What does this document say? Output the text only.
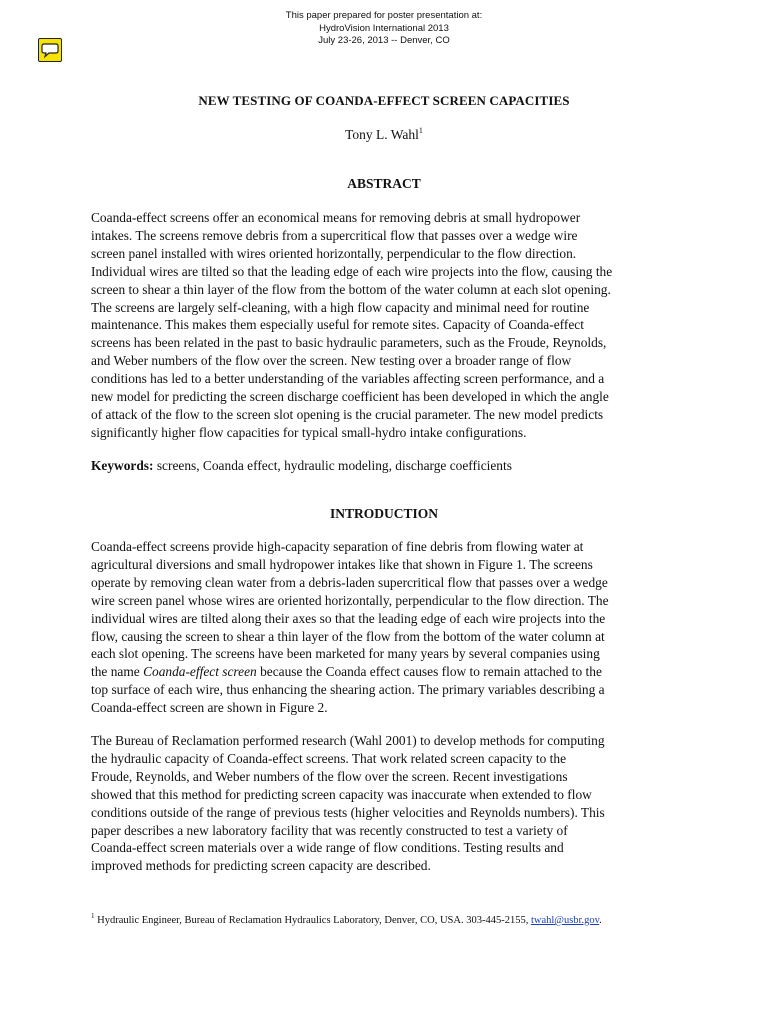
This paper prepared for poster presentation at:
HydroVision International 2013
July 23-26, 2013 -- Denver, CO
NEW TESTING OF COANDA-EFFECT SCREEN CAPACITIES

Tony L. Wahl$^1$

ABSTRACT
Coanda-effect screens offer an economical means for removing debris at small hydropower
intakes. The screens remove debris from a supercritical flow that passes over a wedge wire
screen panel installed with wires oriented horizontally, perpendicular to the flow direction.
Individual wires are tilted so that the leading edge of each wire projects into the flow, causing the
screen to shear a thin layer of the flow from the bottom of the water column at each slot opening.
The screens are largely self-cleaning, with a high flow capacity and minimal need for routine
maintenance. This makes them especially useful for remote sites. Capacity of Coanda-effect
screens has been related in the past to basic hydraulic parameters, such as the Froude, Reynolds,
and Weber numbers of the flow over the screen. New testing over a broader range of flow
conditions has led to a better understanding of the variables affecting screen performance, and a
new model for predicting the screen discharge coefficient has been developed in which the angle
of attack of the flow to the screen slot opening is the crucial parameter. The new model predicts
significantly higher flow capacities for typical small-hydro intake configurations.
Keywords: screens, Coanda effect, hydraulic modeling, discharge coefficients
INTRODUCTION
Coanda-effect screens provide high-capacity separation of fine debris from flowing water at
agricultural diversions and small hydropower intakes like that shown in Figure 1. The screens
operate by removing clean water from a debris-laden supercritical flow that passes over a wedge
wire screen panel whose wires are oriented horizontally, perpendicular to the flow direction. The
individual wires are tilted along their axes so that the leading edge of each wire projects into the
flow, causing the screen to shear a thin layer of the flow from the bottom of the water column at
each slot opening. The screens have been marketed for many years by several companies using
the name Coanda-effect screen because the Coanda effect causes flow to remain attached to the
top surface of each wire, thus enhancing the shearing action. The primary variables describing a
Coanda-effect screen are shown in Figure 2.
The Bureau of Reclamation performed research (Wahl 2001) to develop methods for computing
the hydraulic capacity of Coanda-effect screens. That work related screen capacity to the
Froude, Reynolds, and Weber numbers of the flow over the screen. Recent investigations
showed that this method for predicting screen capacity was inaccurate when extended to flow
conditions outside of the range of previous tests (higher velocities and Reynolds numbers). This
paper describes a new laboratory facility that was recently constructed to test a variety of
Coanda-effect screen materials over a wide range of flow conditions. Testing results and
improved methods for predicting screen capacity are described.
$^1$ Hydraulic Engineer, Bureau of Reclamation Hydraulics Laboratory, Denver, CO, USA. 303-445-2155, twahl@usbr.gov.
